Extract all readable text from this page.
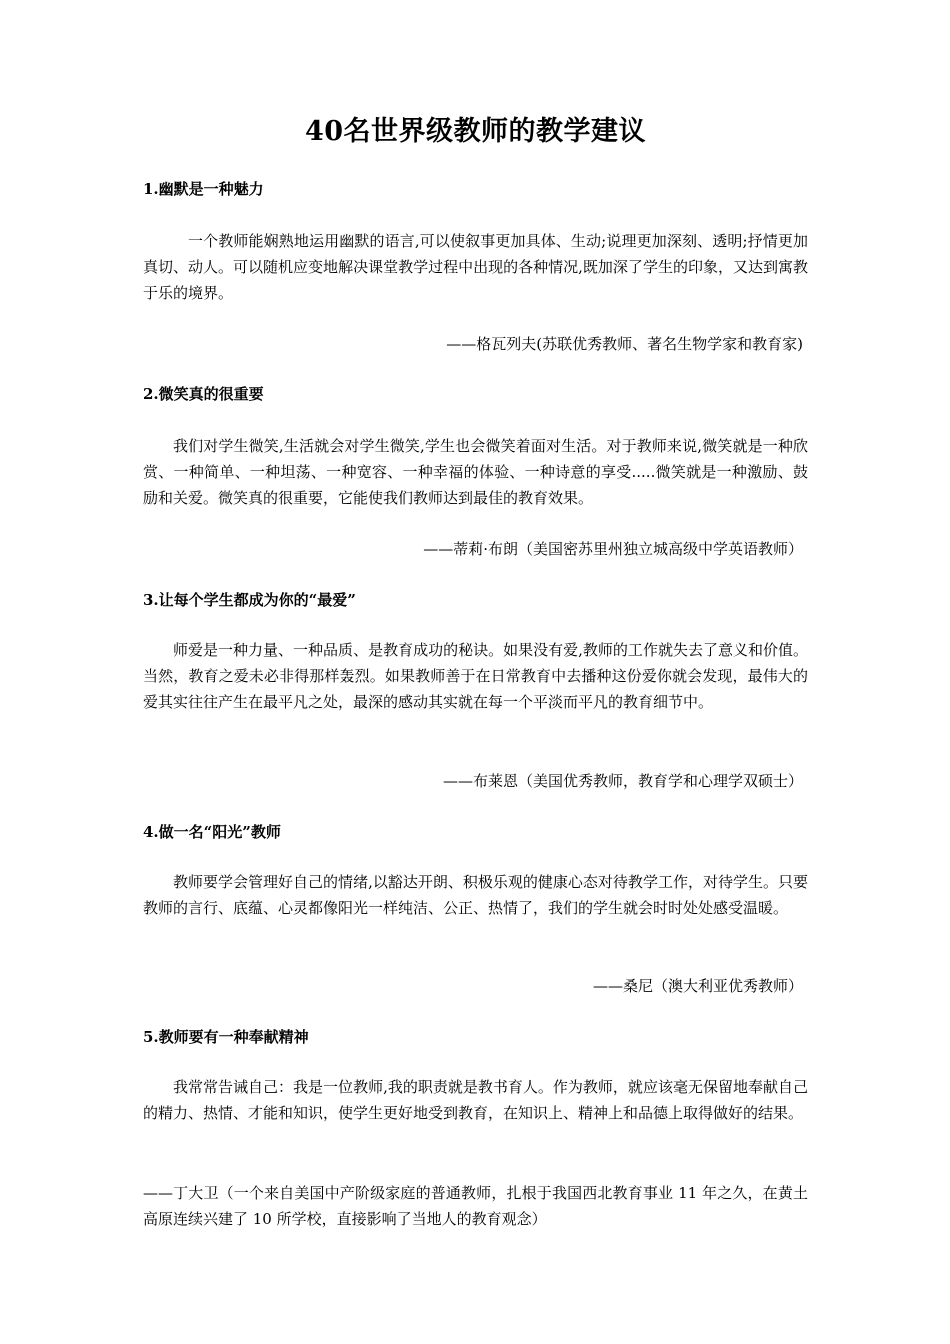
40名世界级教师的教学建议
1.幽默是一种魅力

一个教师能娴熟地运用幽默的语言,可以使叙事更加具体、生动;说理更加深刻、透明;抒情更加真切、动人。可以随机应变地解决课堂教学过程中出现的各种情况,既加深了学生的印象，又达到寓教于乐的境界。

——格瓦列夫(苏联优秀教师、著名生物学家和教育家)
2.微笑真的很重要

我们对学生微笑,生活就会对学生微笑,学生也会微笑着面对生活。对于教师来说,微笑就是一种欣赏、一种简单、一种坦荡、一种宽容、一种幸福的体验、一种诗意的享受.....微笑就是一种激励、鼓励和关爱。微笑真的很重要，它能使我们教师达到最佳的教育效果。

——蒂莉·布朗（美国密苏里州独立城高级中学英语教师）
3.让每个学生都成为你的“最爱”

师爱是一种力量、一种品质、是教育成功的秘诀。如果没有爱,教师的工作就失去了意义和价值。当然，教育之爱未必非得那样轰烈。如果教师善于在日常教育中去播种这份爱你就会发现，最伟大的爱其实往往产生在最平凡之处，最深的感动其实就在每一个平淡而平凡的教育细节中。

——布莱恩（美国优秀教师，教育学和心理学双硕士）
4.做一名“阳光”教师

教师要学会管理好自己的情绪,以豁达开朗、积极乐观的健康心态对待教学工作，对待学生。只要教师的言行、底蕴、心灵都像阳光一样纯洁、公正、热情了，我们的学生就会时时处处感受温暖。

——桑尼（澳大利亚优秀教师）
5.教师要有一种奉献精神

我常常告诫自己：我是一位教师,我的职责就是教书育人。作为教师，就应该毫无保留地奉献自己的精力、热情、才能和知识，使学生更好地受到教育，在知识上、精神上和品德上取得做好的结果。

——丁大卫（一个来自美国中产阶级家庭的普通教师，扎根于我国西北教育事业 11 年之久，在黄土高原连续兴建了 10 所学校，直接影响了当地人的教育观念）
